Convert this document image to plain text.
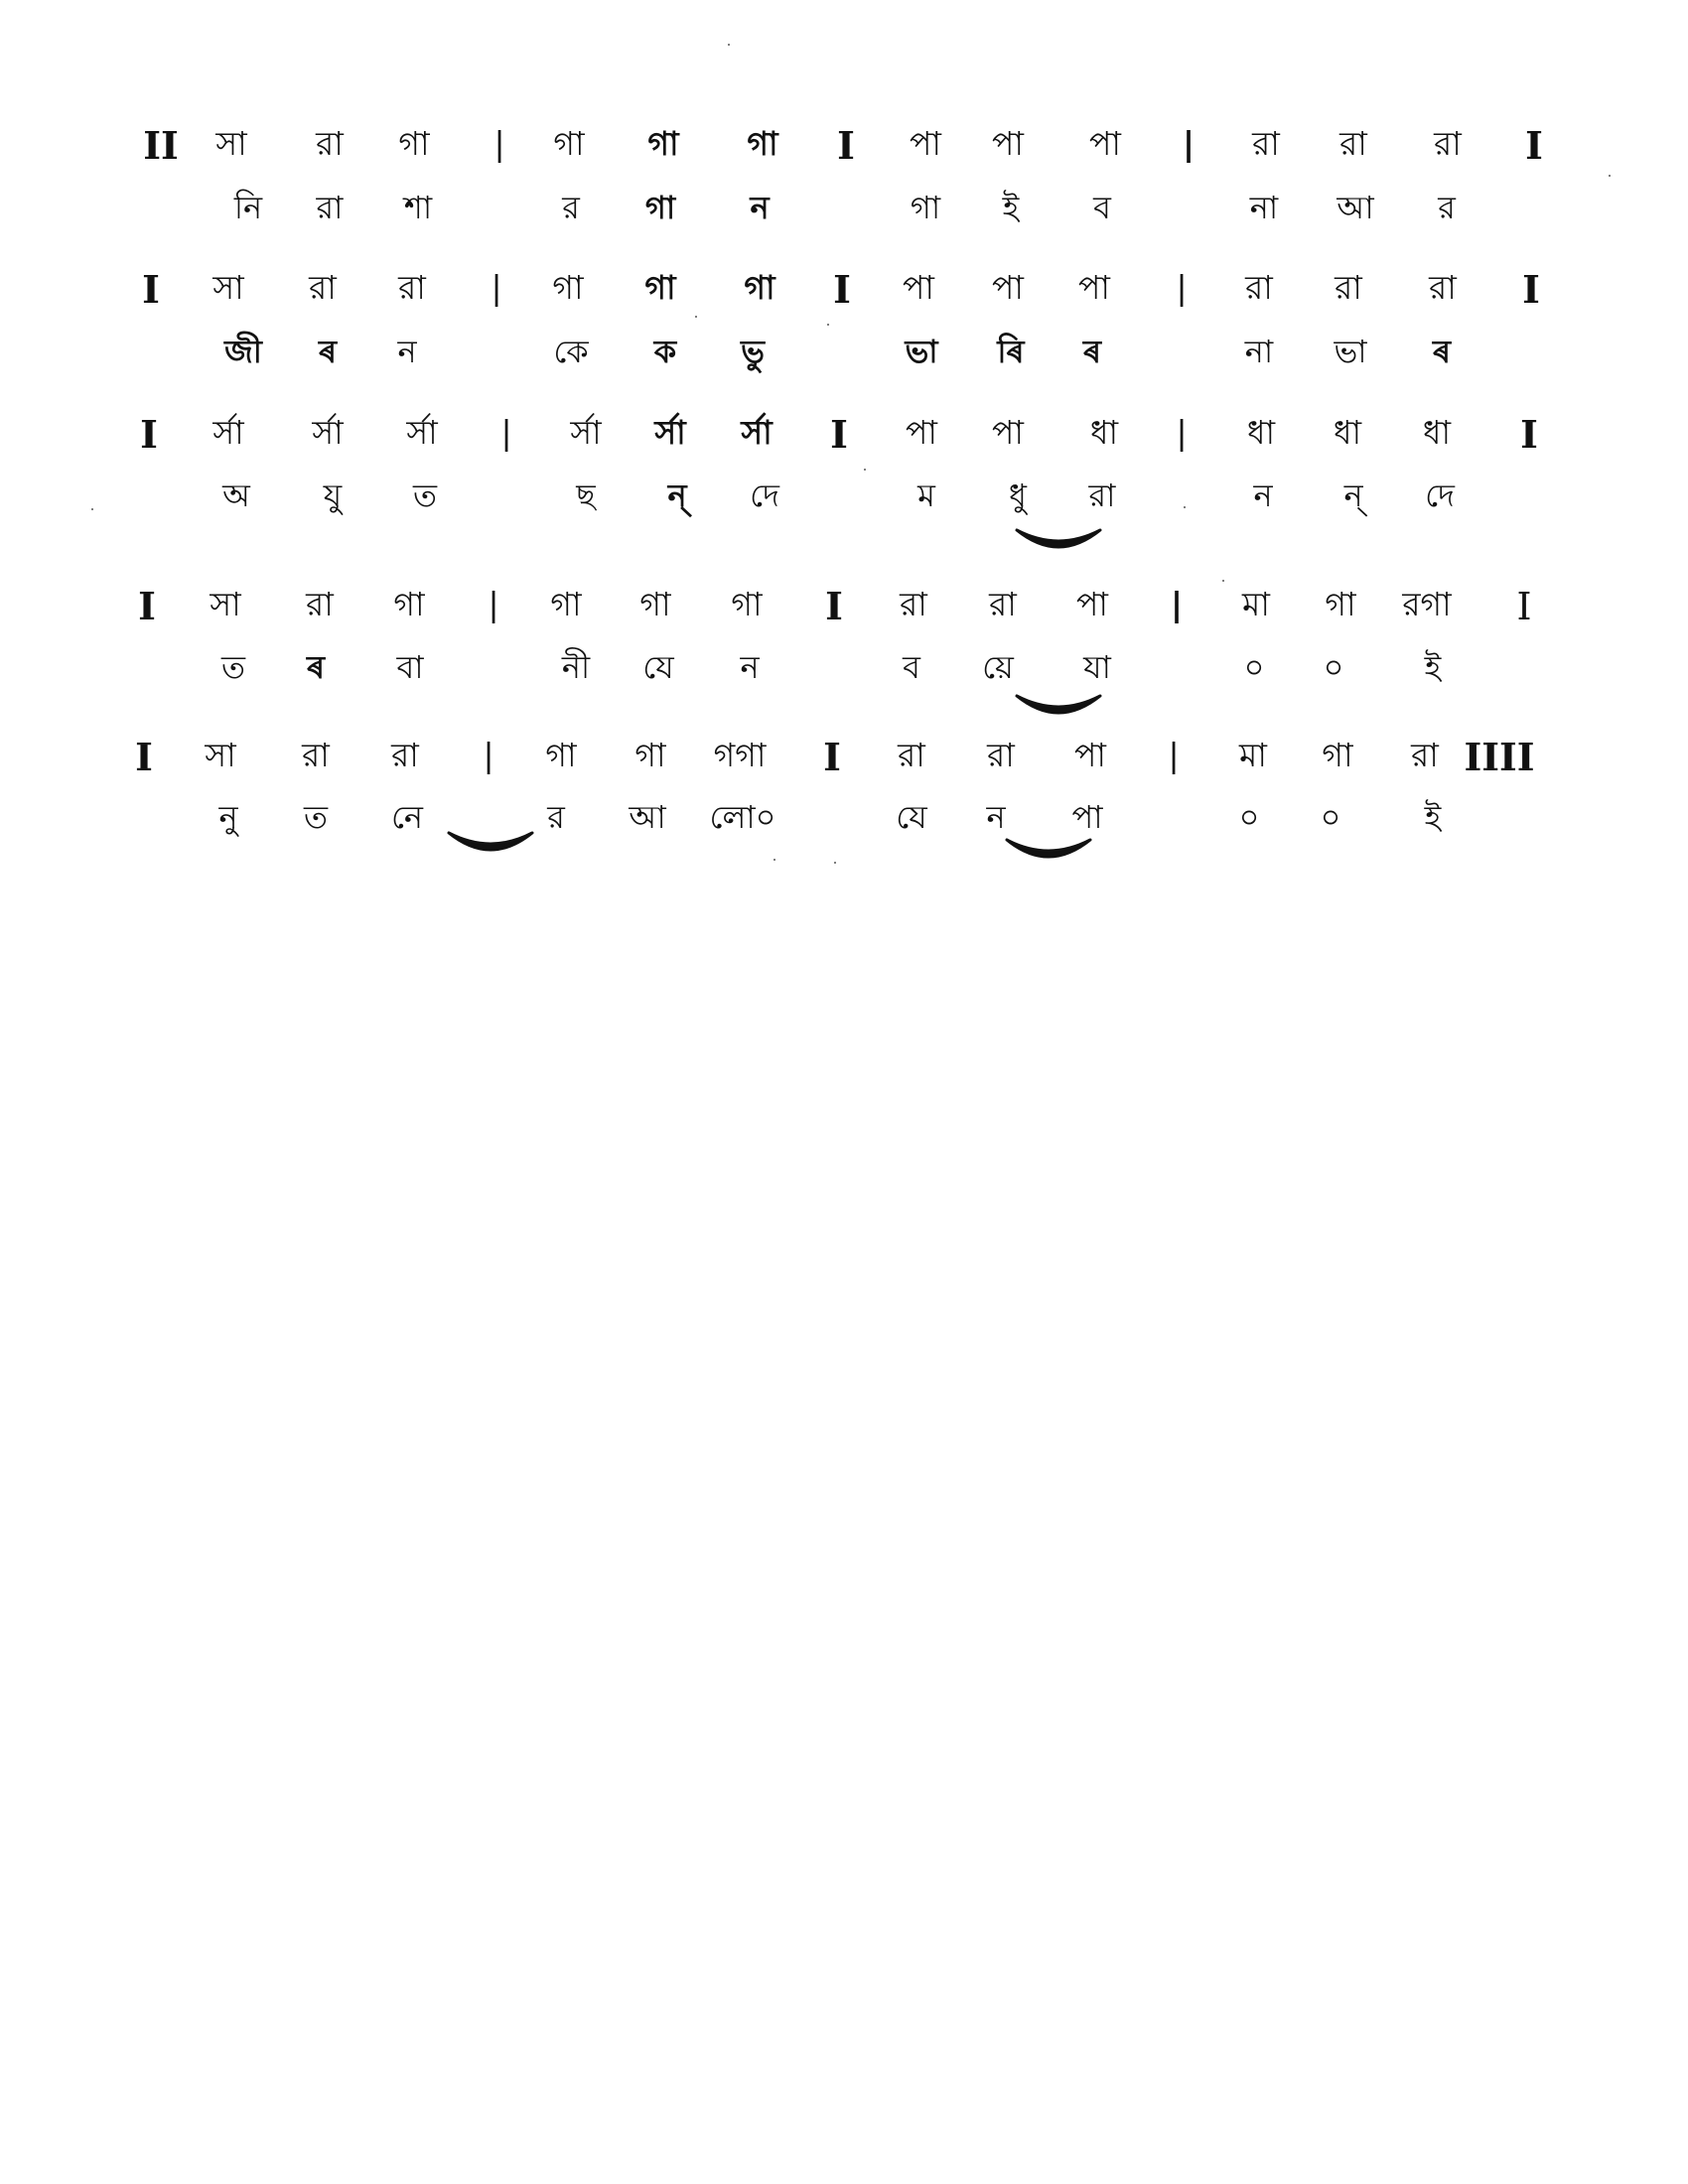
II সা রা গা | গা গা গা I পা পা পা | রা রা রা I
নি রা শা	র গা ন	গা ই ব	না আ র
I সা রা রা | গা গা গা I পা পা পা | রা রা রা I
জী ৰ ন	কে ক ভু	ভা ৰি ৰ	না ভা ৰ
I র্সা র্সা র্সা | র্সা র্সা র্সা I পা পা ধা | ধা ধা ধা I
অ যু ত	ছ ন্ দে	ম ধু রা	ন ন্ দে
I সা রা গা | গা গা গা I রা রা পা | মা গা রগা I
ত ৰ বা	নী যে ন	ব য়ে যা	০ ০	ই
I সা রা রা | গা গা গগা I রা রা পা | মা গা রা IIII
নু ত নে	র আ লো০	যে ন পা	০ ০	ই
